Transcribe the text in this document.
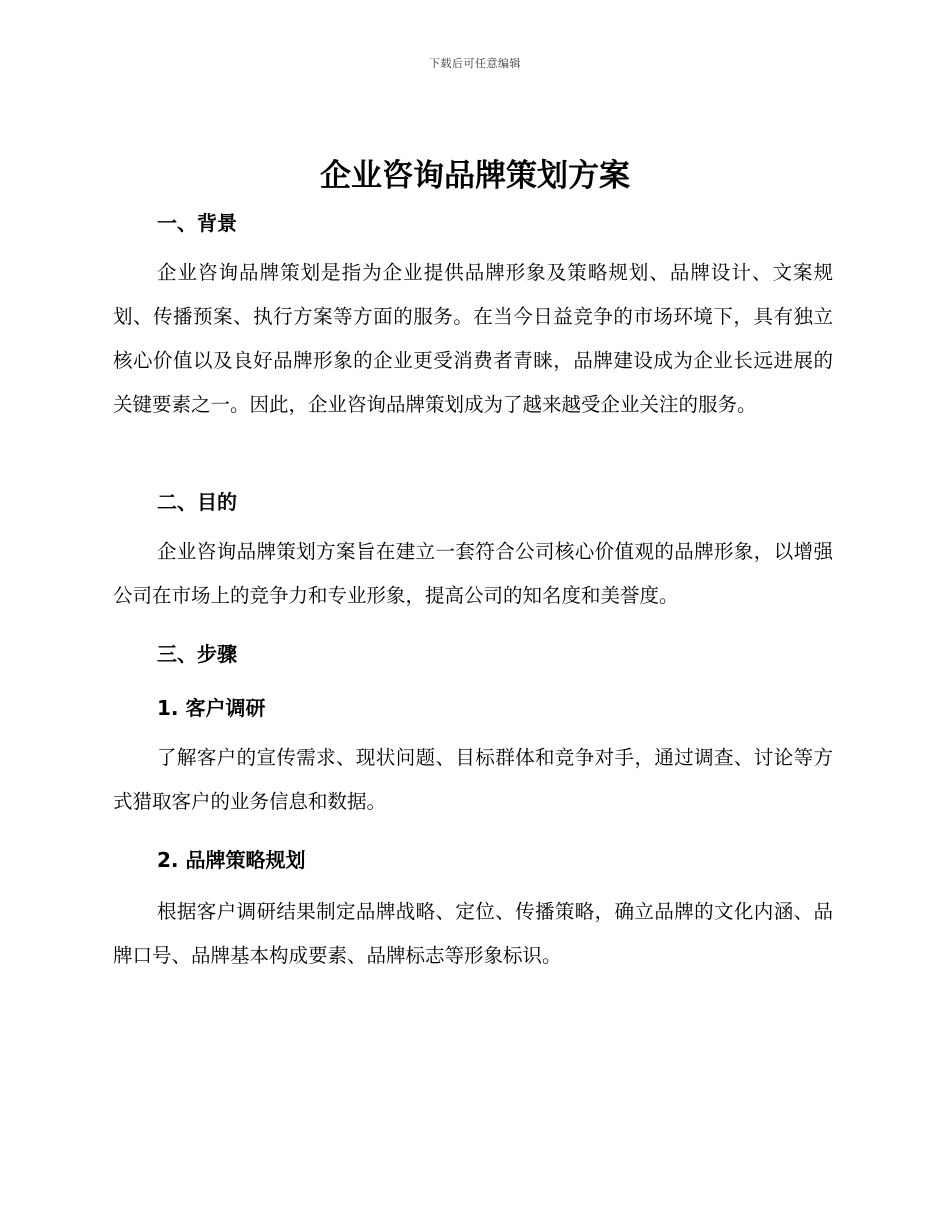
下载后可任意编辑
企业咨询品牌策划方案
一、背景

企业咨询品牌策划是指为企业提供品牌形象及策略规划、品牌设计、文案规划、传播预案、执行方案等方面的服务。在当今日益竞争的市场环境下，具有独立核心价值以及良好品牌形象的企业更受消费者青睐，品牌建设成为企业长远进展的关键要素之一。因此，企业咨询品牌策划成为了越来越受企业关注的服务。

二、目的

企业咨询品牌策划方案旨在建立一套符合公司核心价值观的品牌形象，以增强公司在市场上的竞争力和专业形象，提高公司的知名度和美誉度。

三、步骤
1. 客户调研

了解客户的宣传需求、现状问题、目标群体和竞争对手，通过调查、讨论等方式猎取客户的业务信息和数据。

2. 品牌策略规划

根据客户调研结果制定品牌战略、定位、传播策略，确立品牌的文化内涵、品牌口号、品牌基本构成要素、品牌标志等形象标识。
